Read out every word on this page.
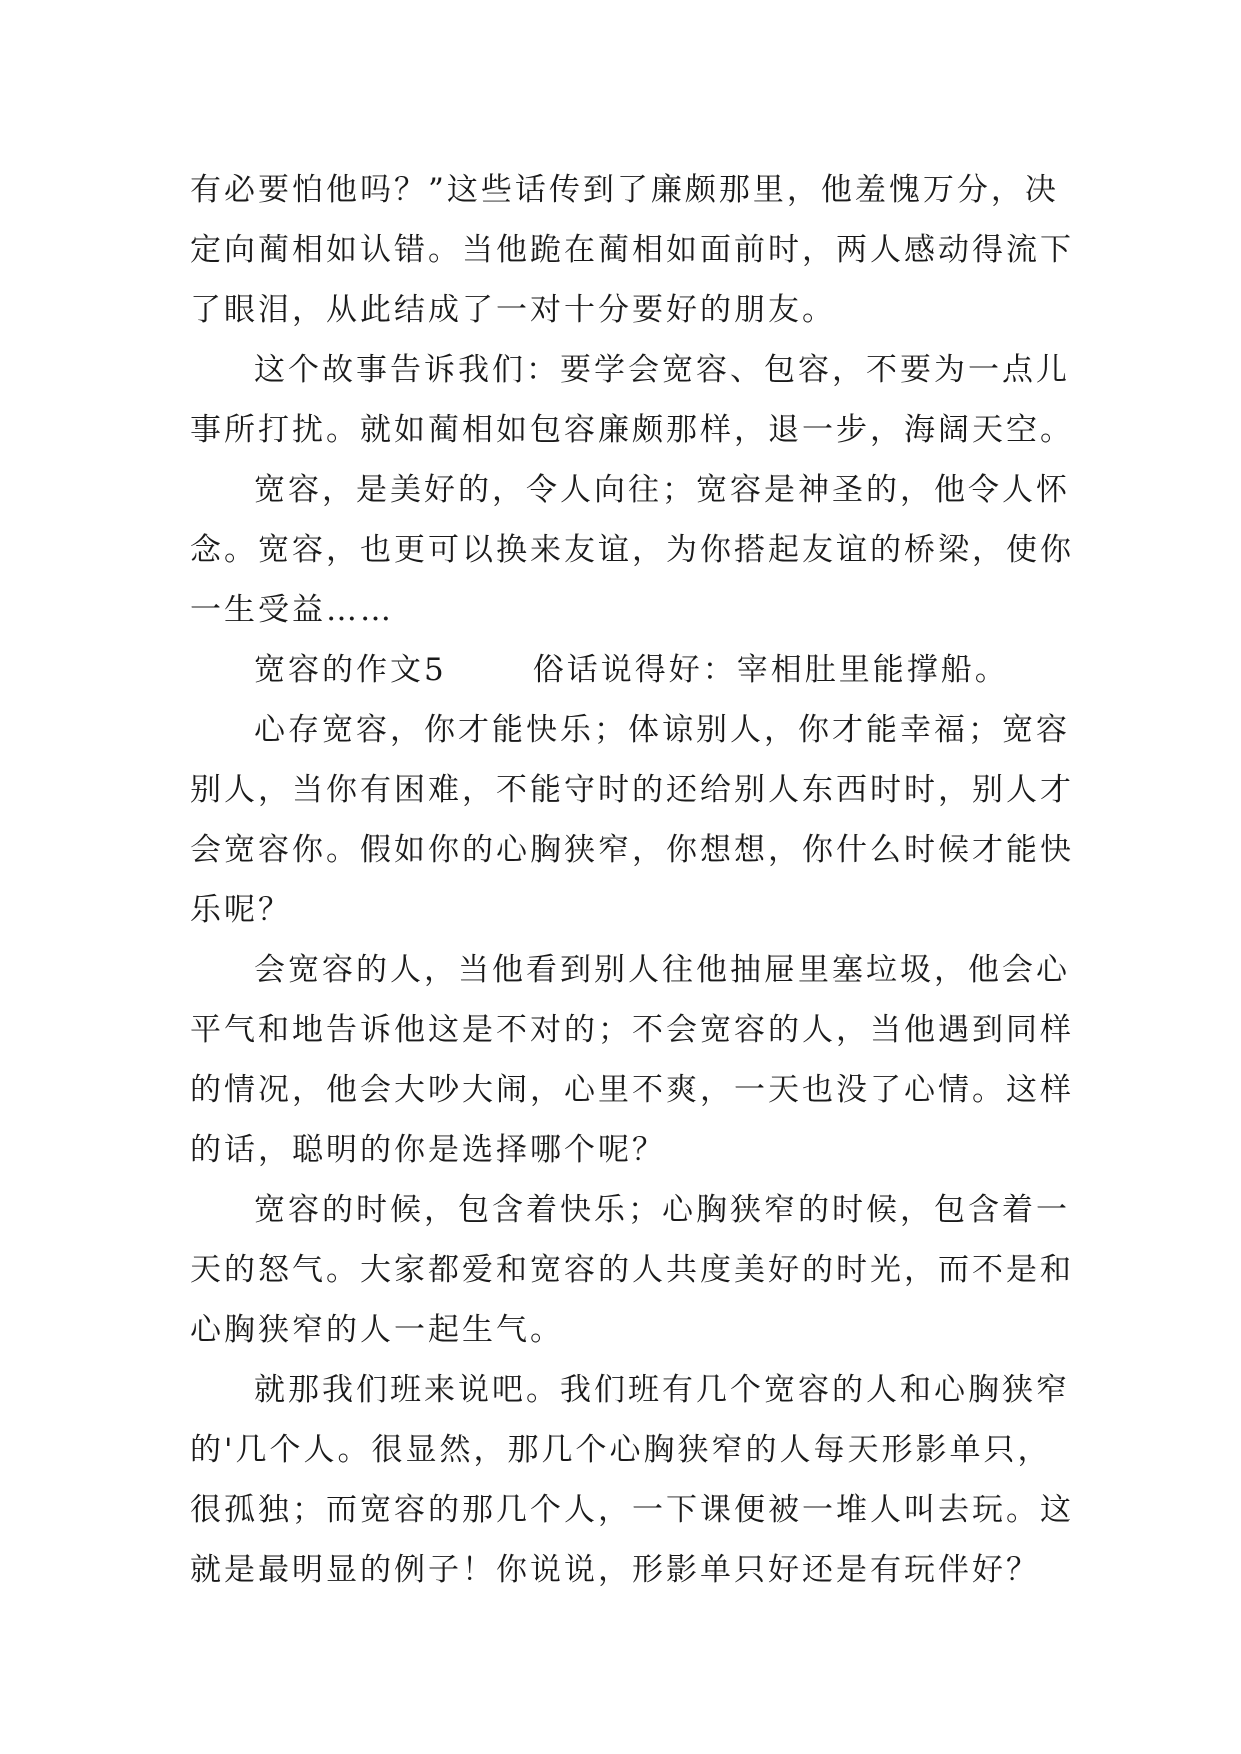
有必要怕他吗？”这些话传到了廉颇那里，他羞愧万分，决
定向蔺相如认错。当他跪在蔺相如面前时，两人感动得流下
了眼泪，从此结成了一对十分要好的朋友。
这个故事告诉我们：要学会宽容、包容，不要为一点儿
事所打扰。就如蔺相如包容廉颇那样，退一步，海阔天空。
宽容，是美好的，令人向往；宽容是神圣的，他令人怀
念。宽容，也更可以换来友谊，为你搭起友谊的桥梁，使你
一生受益……
宽容的作文5	俗话说得好：宰相肚里能撑船。
心存宽容，你才能快乐；体谅别人，你才能幸福；宽容
别人，当你有困难，不能守时的还给别人东西时时，别人才
会宽容你。假如你的心胸狭窄，你想想，你什么时候才能快
乐呢？
会宽容的人，当他看到别人往他抽屉里塞垃圾，他会心
平气和地告诉他这是不对的；不会宽容的人，当他遇到同样
的情况，他会大吵大闹，心里不爽，一天也没了心情。这样
的话，聪明的你是选择哪个呢？
宽容的时候，包含着快乐；心胸狭窄的时候，包含着一
天的怒气。大家都爱和宽容的人共度美好的时光，而不是和
心胸狭窄的人一起生气。
就那我们班来说吧。我们班有几个宽容的人和心胸狭窄
的'几个人。很显然，那几个心胸狭窄的人每天形影单只，
很孤独；而宽容的那几个人，一下课便被一堆人叫去玩。这
就是最明显的例子！你说说，形影单只好还是有玩伴好？
